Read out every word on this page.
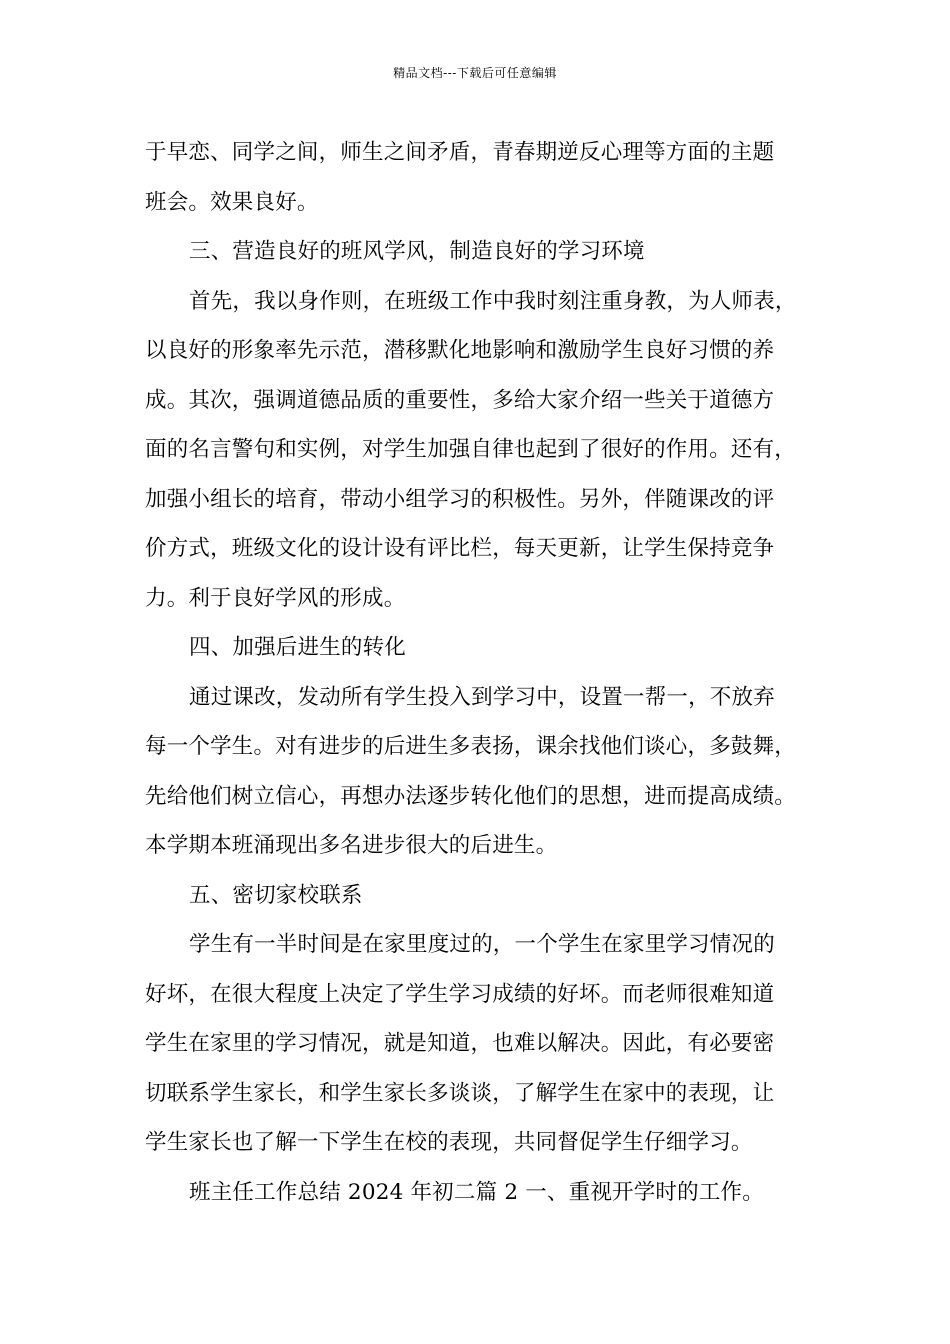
精品文档---下载后可任意编辑
于早恋、同学之间，师生之间矛盾，青春期逆反心理等方面的主题
班会。效果良好。
三、营造良好的班风学风，制造良好的学习环境
首先，我以身作则，在班级工作中我时刻注重身教，为人师表，
以良好的形象率先示范，潜移默化地影响和激励学生良好习惯的养
成。其次，强调道德品质的重要性，多给大家介绍一些关于道德方
面的名言警句和实例，对学生加强自律也起到了很好的作用。还有，
加强小组长的培育，带动小组学习的积极性。另外，伴随课改的评
价方式，班级文化的设计设有评比栏，每天更新，让学生保持竞争
力。利于良好学风的形成。
四、加强后进生的转化
通过课改，发动所有学生投入到学习中，设置一帮一，不放弃
每一个学生。对有进步的后进生多表扬，课余找他们谈心，多鼓舞，
先给他们树立信心，再想办法逐步转化他们的思想，进而提高成绩。
本学期本班涌现出多名进步很大的后进生。
五、密切家校联系
学生有一半时间是在家里度过的，一个学生在家里学习情况的
好坏，在很大程度上决定了学生学习成绩的好坏。而老师很难知道
学生在家里的学习情况，就是知道，也难以解决。因此，有必要密
切联系学生家长，和学生家长多谈谈，了解学生在家中的表现，让
学生家长也了解一下学生在校的表现，共同督促学生仔细学习。
班主任工作总结 2024 年初二篇 2 一、重视开学时的工作。
